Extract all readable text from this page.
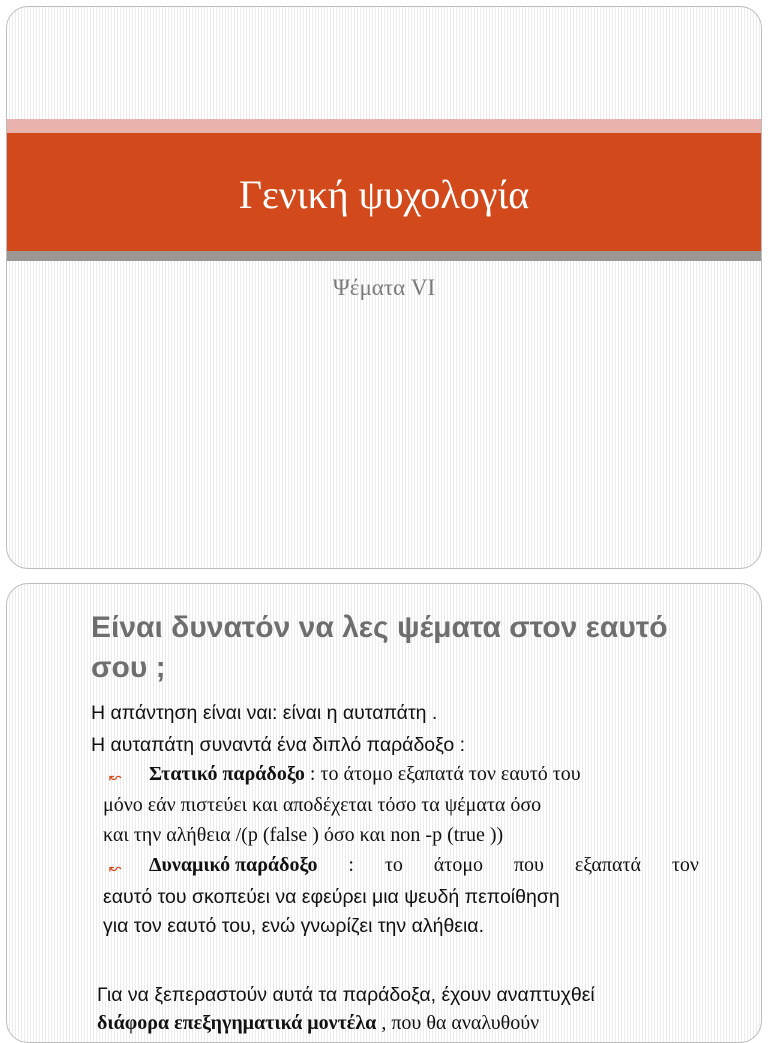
Γενική ψυχολογία

Ψέματα VI

Είναι δυνατόν να λες ψέματα στον εαυτό σου ;

Η απάντηση είναι ναι: είναι η αυταπάτη .

Η αυταπάτη συναντά ένα διπλό παράδοξο :

↜ Στατικό παράδοξο : το άτομο εξαπατά τον εαυτό του

μόνο εάν πιστεύει και αποδέχεται τόσο τα ψέματα όσο

και την αλήθεια /(p (false ) όσο και non -p (true ))

↜ Δυναμικό παράδοξο : το άτομο που εξαπατά τον

εαυτό του σκοπεύει να εφεύρει μια ψευδή πεποίθηση

για τον εαυτό του, ενώ γνωρίζει την αλήθεια.

Για να ξεπεραστούν αυτά τα παράδοξα, έχουν αναπτυχθεί

διάφορα επεξηγηματικά μοντέλα , που θα αναλυθούν
